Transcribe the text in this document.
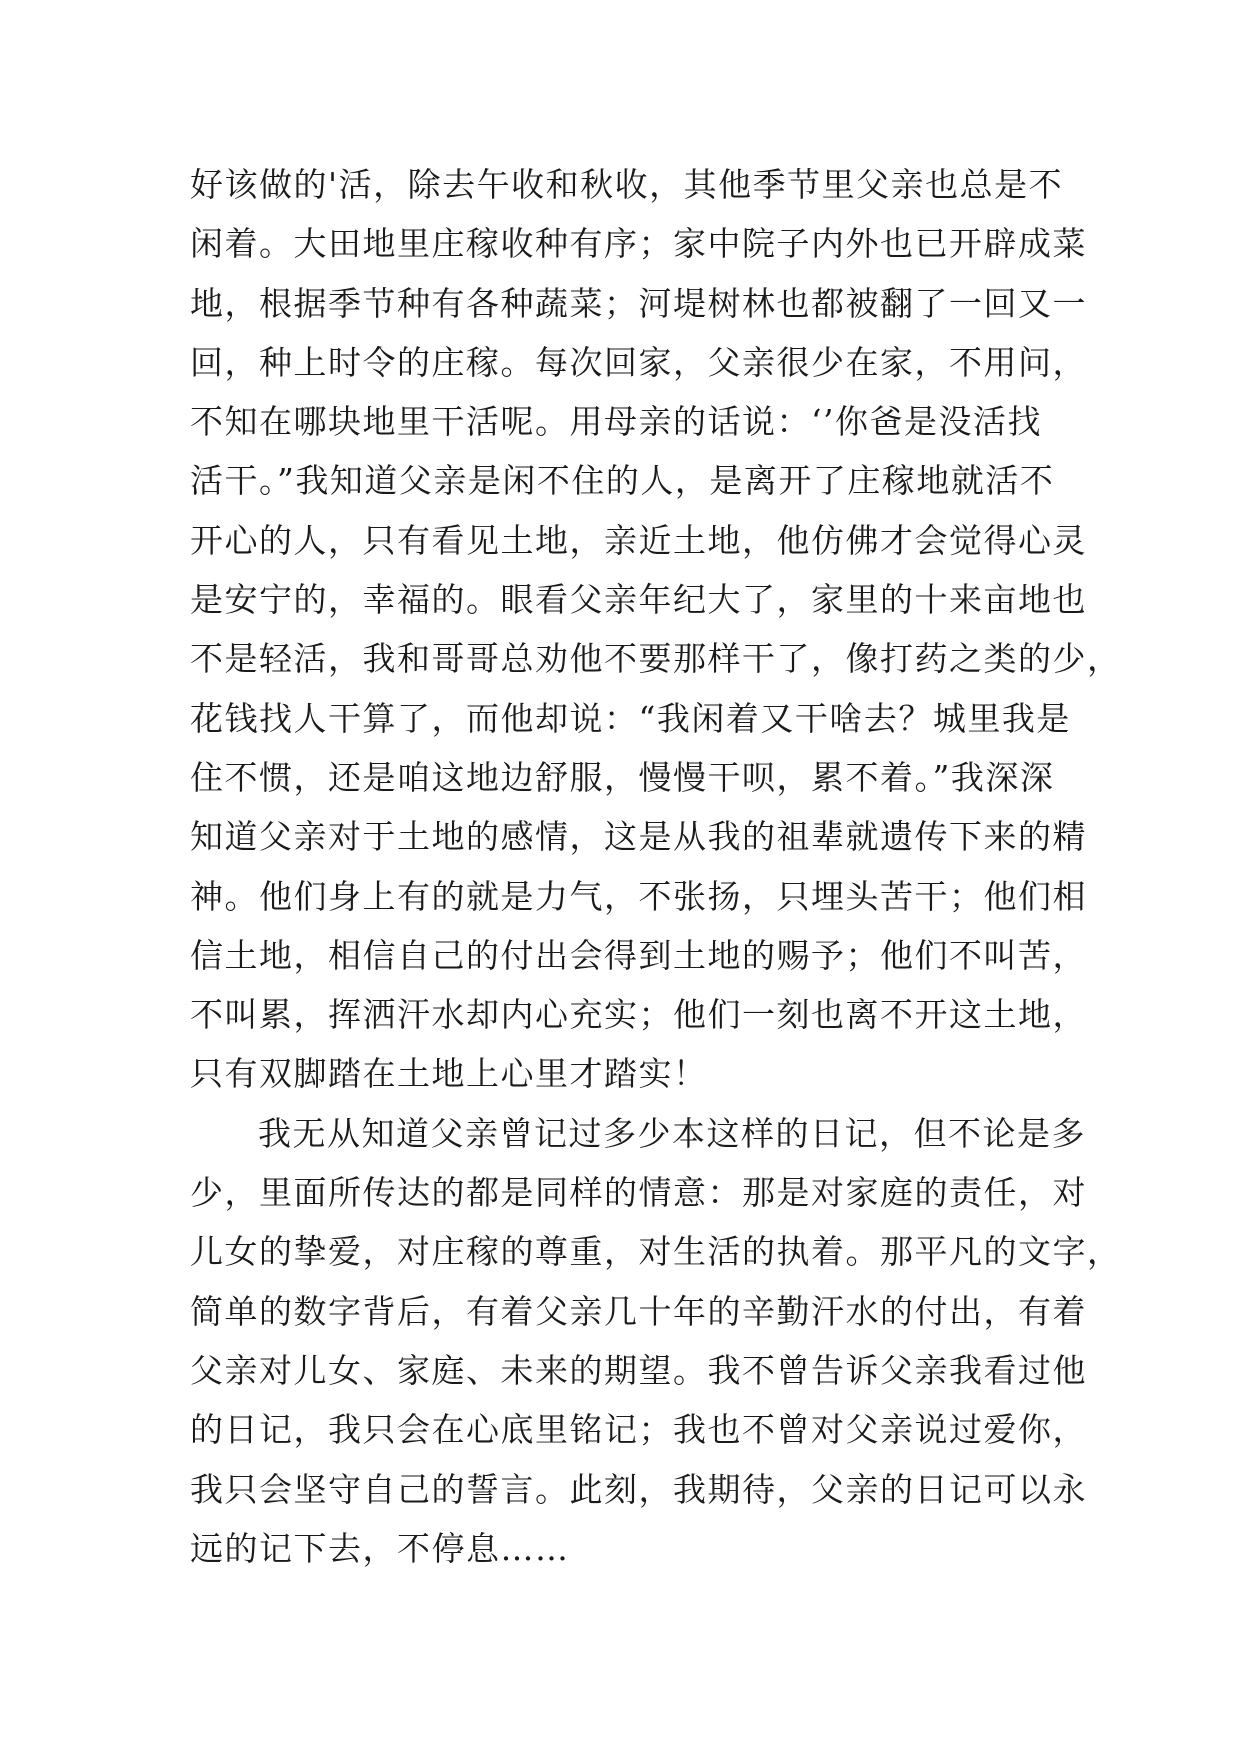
好该做的'活，除去午收和秋收，其他季节里父亲也总是不
闲着。大田地里庄稼收种有序；家中院子内外也已开辟成菜
地，根据季节种有各种蔬菜；河堤树林也都被翻了一回又一
回，种上时令的庄稼。每次回家，父亲很少在家，不用问，
不知在哪块地里干活呢。用母亲的话说：‘’你爸是没活找
活干。”我知道父亲是闲不住的人，是离开了庄稼地就活不
开心的人，只有看见土地，亲近土地，他仿佛才会觉得心灵
是安宁的，幸福的。眼看父亲年纪大了，家里的十来亩地也
不是轻活，我和哥哥总劝他不要那样干了，像打药之类的少，
花钱找人干算了，而他却说：“我闲着又干啥去？城里我是
住不惯，还是咱这地边舒服，慢慢干呗，累不着。”我深深
知道父亲对于土地的感情，这是从我的祖辈就遗传下来的精
神。他们身上有的就是力气，不张扬，只埋头苦干；他们相
信土地，相信自己的付出会得到土地的赐予；他们不叫苦，
不叫累，挥洒汗水却内心充实；他们一刻也离不开这土地，
只有双脚踏在土地上心里才踏实！
我无从知道父亲曾记过多少本这样的日记，但不论是多
少，里面所传达的都是同样的情意：那是对家庭的责任，对
儿女的挚爱，对庄稼的尊重，对生活的执着。那平凡的文字，
简单的数字背后，有着父亲几十年的辛勤汗水的付出，有着
父亲对儿女、家庭、未来的期望。我不曾告诉父亲我看过他
的日记，我只会在心底里铭记；我也不曾对父亲说过爱你，
我只会坚守自己的誓言。此刻，我期待，父亲的日记可以永
远的记下去，不停息……
